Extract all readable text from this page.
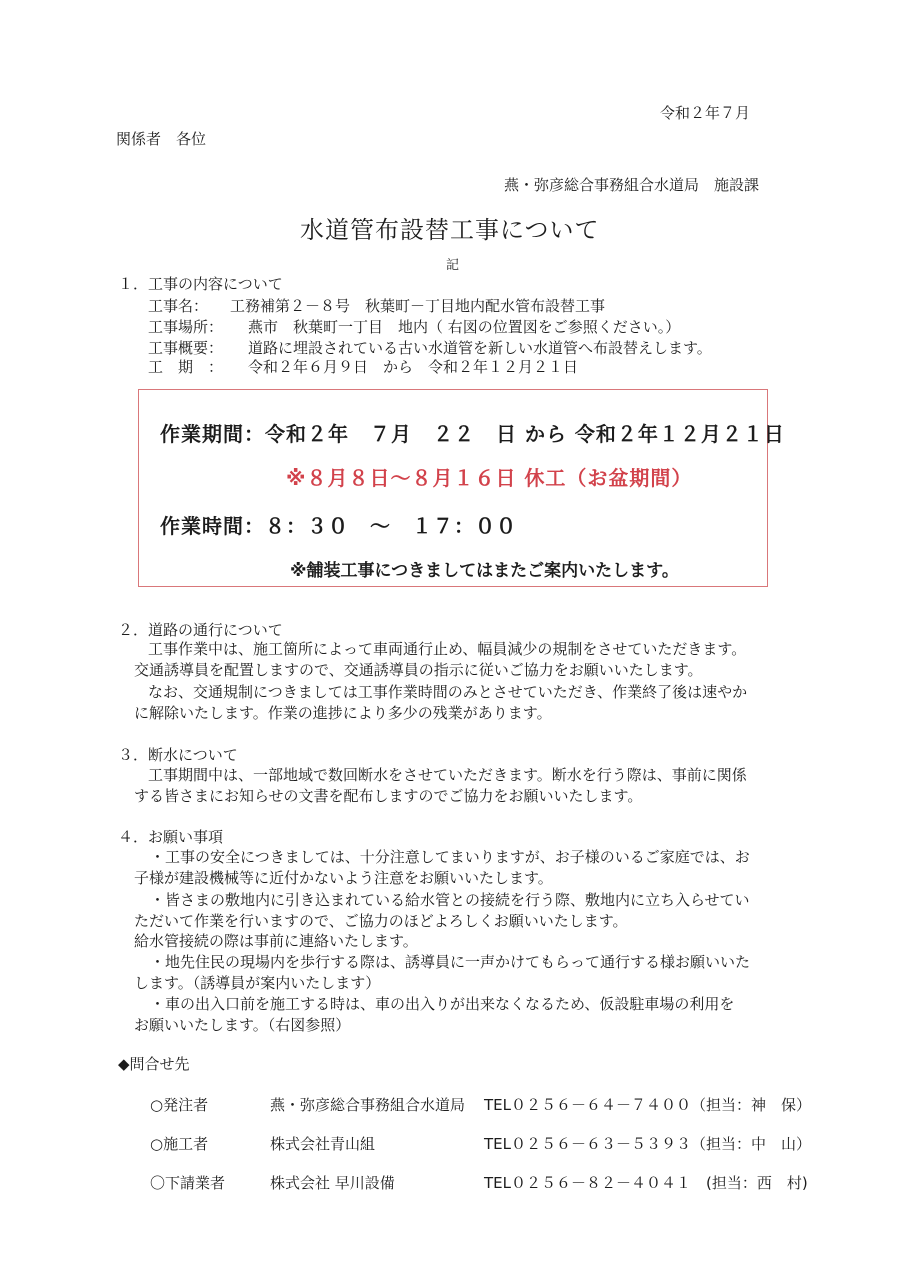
令和２年７月
関係者　各位
燕・弥彦総合事務組合水道局　施設課
水道管布設替工事について
記
１．工事の内容について
工事名： 工務補第２－８号　秋葉町－丁目地内配水管布設替工事
工事場所： 燕市　秋葉町一丁目　地内（ 右図の位置図をご参照ください。）
工事概要： 道路に埋設されている古い水道管を新しい水道管へ布設替えします。
工　期　： 令和２年６月９日　から　令和２年１２月２１日
作業期間：令和２年　７月　２２　日 から 令和２年１２月２１日
※８月８日～８月１６日 休工（お盆期間）
作業時間：８：３０　～　１７：００
※舗装工事につきましてはまたご案内いたします。
２．道路の通行について
工事作業中は、施工箇所によって車両通行止め、幅員減少の規制をさせていただきます。
交通誘導員を配置しますので、交通誘導員の指示に従いご協力をお願いいたします。
なお、交通規制につきましては工事作業時間のみとさせていただき、作業終了後は速やか
に解除いたします。作業の進捗により多少の残業があります。
３．断水について
工事期間中は、一部地域で数回断水をさせていただきます。断水を行う際は、事前に関係
する皆さまにお知らせの文書を配布しますのでご協力をお願いいたします。
４．お願い事項
・工事の安全につきましては、十分注意してまいりますが、お子様のいるご家庭では、お
子様が建設機械等に近付かないよう注意をお願いいたします。
・皆さまの敷地内に引き込まれている給水管との接続を行う際、敷地内に立ち入らせてい
ただいて作業を行いますので、ご協力のほどよろしくお願いいたします。
給水管接続の際は事前に連絡いたします。
・地先住民の現場内を歩行する際は、誘導員に一声かけてもらって通行する様お願いいた
します。（誘導員が案内いたします）
・車の出入口前を施工する時は、車の出入りが出来なくなるため、仮設駐車場の利用を
お願いいたします。（右図参照）
◆問合せ先
○発注者	燕・弥彦総合事務組合水道局 TEL０２５６－６４－７４００（担当：神　保）
○施工者	株式会社青山組	TEL０２５６－６３－５３９３（担当：中　山）
〇下請業者	株式会社 早川設備	TEL０２５６－８２－４０４１　(担当：西　村)
